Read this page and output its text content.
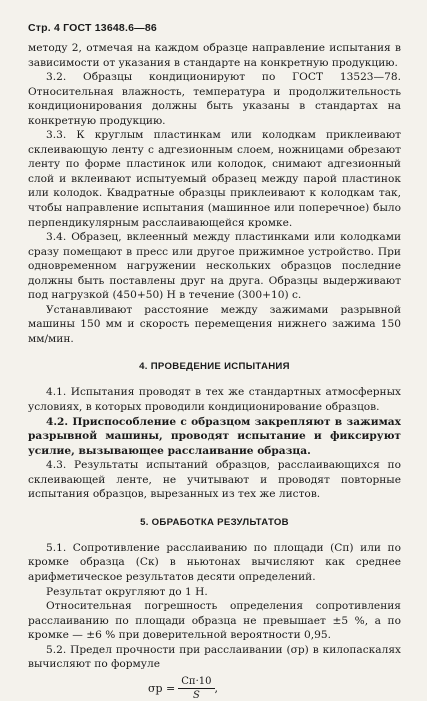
Стр. 4 ГОСТ 13648.6—86

методу 2, отмечая на каждом образце направление испытания в зависимости от указания в стандарте на конкретную продукцию.

3.2. Образцы кондиционируют по ГОСТ 13523—78. Относительная влажность, температура и продолжительность кондиционирования должны быть указаны в стандартах на конкретную продукцию.

3.3. К круглым пластинкам или колодкам приклеивают склеивающую ленту с адгезионным слоем, ножницами обрезают ленту по форме пластинок или колодок, снимают адгезионный слой и вклеивают испытуемый образец между парой пластинок или колодок. Квадратные образцы приклеивают к колодкам так, чтобы направление испытания (машинное или поперечное) было перпендикулярным расслаивающейся кромке.

3.4. Образец, вклеенный между пластинками или колодками сразу помещают в пресс или другое прижимное устройство. При одновременном нагружении нескольких образцов последние должны быть поставлены друг на друга. Образцы выдерживают под нагрузкой (450+50) Н в течение (300+10) с.

Устанавливают расстояние между зажимами разрывной машины 150 мм и скорость перемещения нижнего зажима 150 мм/мин.

4. ПРОВЕДЕНИЕ ИСПЫТАНИЯ

4.1. Испытания проводят в тех же стандартных атмосферных условиях, в которых проводили кондиционирование образцов.

4.2. Приспособление с образцом закрепляют в зажимах разрывной машины, проводят испытание и фиксируют усилие, вызывающее расслаивание образца.

4.3. Результаты испытаний образцов, расслаивающихся по склеивающей ленте, не учитывают и проводят повторные испытания образцов, вырезанных из тех же листов.

5. ОБРАБОТКА РЕЗУЛЬТАТОВ

5.1. Сопротивление расслаиванию по площади (Cп) или по кромке образца (Cк) в ньютонах вычисляют как среднее арифметическое результатов десяти определений.

Результат округляют до 1 Н.

Относительная погрешность определения сопротивления расслаиванию по площади образца не превышает ±5 %, а по кромке — ±6 % при доверительной вероятности 0,95.

5.2. Предел прочности при расслаивании (σр) в килопаскалях вычисляют по формуле

$\sigma р = \frac{Cп\cdot 10}{S}$ ,
